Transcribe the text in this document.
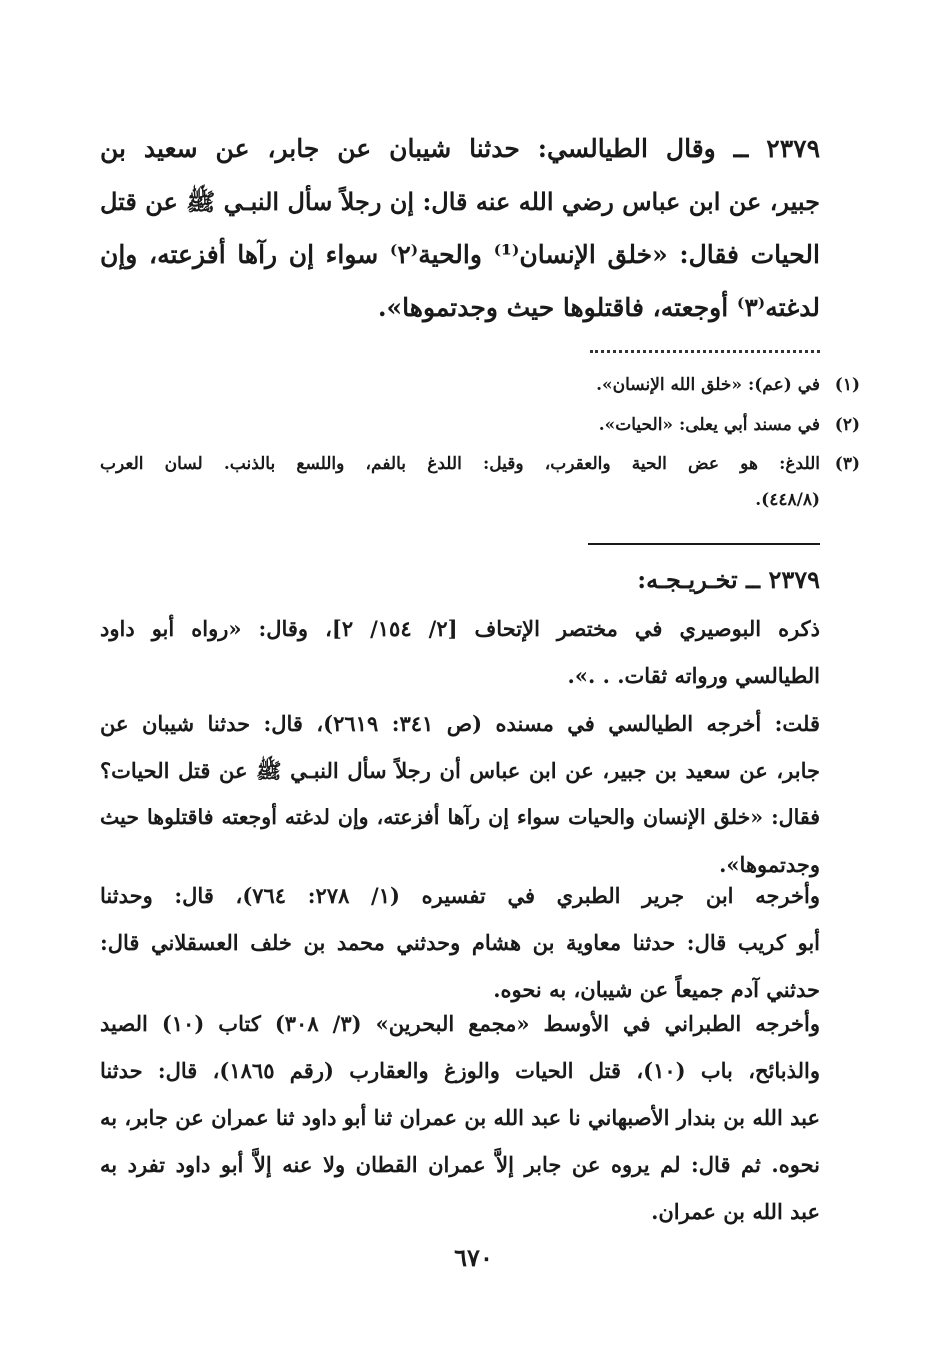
٢٣٧٩ ــ وقال الطيالسي: حدثنا شيبان عن جابر، عن سعيد بن
جبير، عن ابن عباس رضي الله عنه قال: إن رجلاً سأل النبـي ﷺ عن قتل
الحيات فقال: «خلق الإنسان⁽¹⁾ والحية⁽٢⁾ سواء إن رآها أفزعته، وإن
لدغته⁽٣⁾ أوجعته، فاقتلوها حيث وجدتموها».
(١)
في (عم): «خلق الله الإنسان».
(٢)
في مسند أبي يعلى: «الحيات».
(٣)
اللدغ: هو عض الحية والعقرب، وقيل: اللدغ بالفم، واللسع بالذنب. لسان العرب
(٤٤٨/٨).
٢٣٧٩ ــ تخـريـجـه:
ذكره البوصيري في مختصر الإتحاف [٢/ ١٥٤/ ٢]، وقال: «رواه أبو داود
الطيالسي ورواته ثقات. . .».
قلت: أخرجه الطيالسي في مسنده (ص ٣٤١: ٢٦١٩)، قال: حدثنا شيبان عن
جابر، عن سعيد بن جبير، عن ابن عباس أن رجلاً سأل النبـي ﷺ عن قتل الحيات؟
فقال: «خلق الإنسان والحيات سواء إن رآها أفزعته، وإن لدغته أوجعته فاقتلوها حيث
وجدتموها».
وأخرجه ابن جرير الطبري في تفسيره (١/ ٢٧٨: ٧٦٤)، قال: وحدثنا
أبو كريب قال: حدثنا معاوية بن هشام وحدثني محمد بن خلف العسقلاني قال:
حدثني آدم جميعاً عن شيبان، به نحوه.
وأخرجه الطبراني في الأوسط «مجمع البحرين» (٣/ ٣٠٨) كتاب (١٠) الصيد
والذبائح، باب (١٠)، قتل الحيات والوزغ والعقارب (رقم ١٨٦٥)، قال: حدثنا
عبد الله بن بندار الأصبهاني نا عبد الله بن عمران ثنا أبو داود ثنا عمران عن جابر، به
نحوه. ثم قال: لم يروه عن جابر إلاَّ عمران القطان ولا عنه إلاَّ أبو داود تفرد به
عبد الله بن عمران.
٦٧٠
